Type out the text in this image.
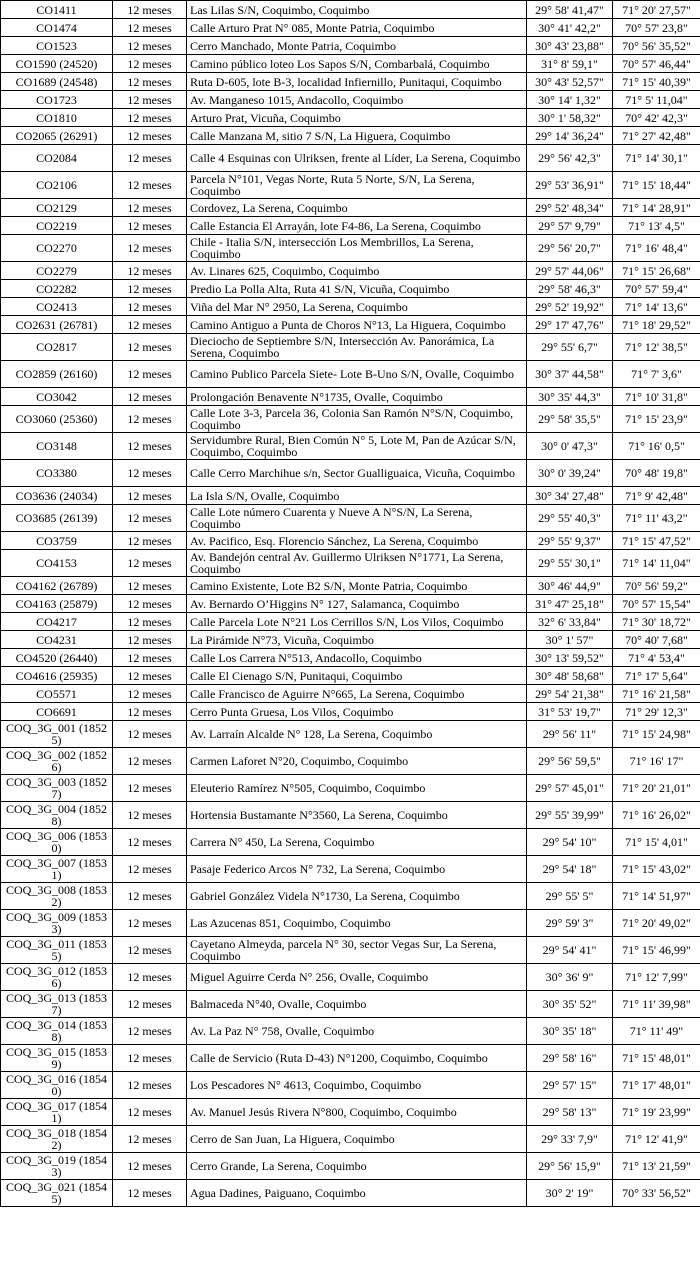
CO1411	12 meses	Las Lilas S/N, Coquimbo, Coquimbo	29° 58' 41,47"	71° 20' 27,57"
CO1474	12 meses	Calle Arturo Prat N° 085, Monte Patria, Coquimbo	30° 41' 42,2"	70° 57' 23,8"
CO1523	12 meses	Cerro Manchado, Monte Patria, Coquimbo	30° 43' 23,88"	70° 56' 35,52"
CO1590 (24520)	12 meses	Camino público loteo Los Sapos S/N, Combarbalá, Coquimbo	31° 8' 59,1"	70° 57' 46,44"
CO1689 (24548)	12 meses	Ruta D-605, lote B-3, localidad Infiernillo, Punitaqui, Coquimbo	30° 43' 52,57"	71° 15' 40,39"
CO1723	12 meses	Av. Manganeso 1015, Andacollo, Coquimbo	30° 14' 1,32"	71° 5' 11,04"
CO1810	12 meses	Arturo Prat, Vicuña, Coquimbo	30° 1' 58,32"	70° 42' 42,3"
CO2065 (26291)	12 meses	Calle Manzana M, sitio 7 S/N, La Higuera, Coquimbo	29° 14' 36,24"	71° 27' 42,48"
CO2084	12 meses	Calle 4 Esquinas con Ulriksen, frente al Líder, La Serena, Coquimbo	29° 56' 42,3"	71° 14' 30,1"
CO2106	12 meses	Parcela N°101, Vegas Norte, Ruta 5 Norte, S/N, La Serena, Coquimbo	29° 53' 36,91"	71° 15' 18,44"
CO2129	12 meses	Cordovez, La Serena, Coquimbo	29° 52' 48,34"	71° 14' 28,91"
CO2219	12 meses	Calle Estancia El Arrayán, lote F4-86, La Serena, Coquimbo	29° 57' 9,79"	71° 13' 4,5"
CO2270	12 meses	Chile - Italia S/N, intersección Los Membrillos, La Serena, Coquimbo	29° 56' 20,7"	71° 16' 48,4"
CO2279	12 meses	Av. Linares 625, Coquimbo, Coquimbo	29° 57' 44,06"	71° 15' 26,68"
CO2282	12 meses	Predio La Polla Alta, Ruta 41 S/N, Vicuña, Coquimbo	29° 58' 46,3"	70° 57' 59,4"
CO2413	12 meses	Viña del Mar N° 2950, La Serena, Coquimbo	29° 52' 19,92"	71° 14' 13,6"
CO2631 (26781)	12 meses	Camino Antiguo a Punta de Choros N°13, La Higuera, Coquimbo	29° 17' 47,76"	71° 18' 29,52"
CO2817	12 meses	Dieciocho de Septiembre S/N, Intersección Av. Panorámica, La Serena, Coquimbo	29° 55' 6,7"	71° 12' 38,5"
CO2859 (26160)	12 meses	Camino Publico Parcela Siete- Lote B-Uno S/N, Ovalle, Coquimbo	30° 37' 44,58"	71° 7' 3,6"
CO3042	12 meses	Prolongación Benavente N°1735, Ovalle, Coquimbo	30° 35' 44,3"	71° 10' 31,8"
CO3060 (25360)	12 meses	Calle Lote 3-3, Parcela 36, Colonia San Ramón N°S/N, Coquimbo, Coquimbo	29° 58' 35,5"	71° 15' 23,9"
CO3148	12 meses	Servidumbre Rural, Bien Común N° 5, Lote M, Pan de Azúcar S/N, Coquimbo, Coquimbo	30° 0' 47,3"	71° 16' 0,5"
CO3380	12 meses	Calle Cerro Marchihue s/n, Sector Gualliguaica, Vicuña, Coquimbo	30° 0' 39,24"	70° 48' 19,8"
CO3636 (24034)	12 meses	La Isla S/N, Ovalle, Coquimbo	30° 34' 27,48"	71° 9' 42,48"
CO3685 (26139)	12 meses	Calle Lote número Cuarenta y Nueve A N°S/N, La Serena, Coquimbo	29° 55' 40,3"	71° 11' 43,2"
CO3759	12 meses	Av. Pacifico, Esq. Florencio Sánchez, La Serena, Coquimbo	29° 55' 9,37"	71° 15' 47,52"
CO4153	12 meses	Av. Bandejón central Av. Guillermo Ulriksen N°1771, La Serena, Coquimbo	29° 55' 30,1"	71° 14' 11,04"
CO4162 (26789)	12 meses	Camino Existente, Lote B2 S/N, Monte Patria, Coquimbo	30° 46' 44,9"	70° 56' 59,2"
CO4163 (25879)	12 meses	Av. Bernardo O’Higgins N° 127, Salamanca, Coquimbo	31° 47' 25,18"	70° 57' 15,54"
CO4217	12 meses	Calle Parcela Lote N°21 Los Cerrillos S/N, Los Vilos, Coquimbo	32° 6' 33,84"	71° 30' 18,72"
CO4231	12 meses	La Pirámide N°73, Vicuña, Coquimbo	30° 1' 57"	70° 40' 7,68"
CO4520 (26440)	12 meses	Calle Los Carrera N°513, Andacollo, Coquimbo	30° 13' 59,52"	71° 4' 53,4"
CO4616 (25935)	12 meses	Calle El Cienago S/N, Punitaqui, Coquimbo	30° 48' 58,68"	71° 17' 5,64"
CO5571	12 meses	Calle Francisco de Aguirre N°665, La Serena, Coquimbo	29° 54' 21,38"	71° 16' 21,58"
CO6691	12 meses	Cerro Punta Gruesa, Los Vilos, Coquimbo	31° 53' 19,7"	71° 29' 12,3"
COQ_3G_001 (18525)	12 meses	Av. Larraín Alcalde N° 128, La Serena, Coquimbo	29° 56' 11"	71° 15' 24,98"
COQ_3G_002 (18526)	12 meses	Carmen Laforet N°20, Coquimbo, Coquimbo	29° 56' 59,5"	71° 16' 17"
COQ_3G_003 (18527)	12 meses	Eleuterio Ramírez N°505, Coquimbo, Coquimbo	29° 57' 45,01"	71° 20' 21,01"
COQ_3G_004 (18528)	12 meses	Hortensia Bustamante N°3560, La Serena, Coquimbo	29° 55' 39,99"	71° 16' 26,02"
COQ_3G_006 (18530)	12 meses	Carrera N° 450, La Serena, Coquimbo	29° 54' 10"	71° 15' 4,01"
COQ_3G_007 (18531)	12 meses	Pasaje Federico Arcos N° 732, La Serena, Coquimbo	29° 54' 18"	71° 15' 43,02"
COQ_3G_008 (18532)	12 meses	Gabriel González Videla N°1730, La Serena, Coquimbo	29° 55' 5"	71° 14' 51,97"
COQ_3G_009 (18533)	12 meses	Las Azucenas 851, Coquimbo, Coquimbo	29° 59' 3"	71° 20' 49,02"
COQ_3G_011 (18535)	12 meses	Cayetano Almeyda, parcela N° 30, sector Vegas Sur, La Serena, Coquimbo	29° 54' 41"	71° 15' 46,99"
COQ_3G_012 (18536)	12 meses	Miguel Aguirre Cerda N° 256, Ovalle, Coquimbo	30° 36' 9"	71° 12' 7,99"
COQ_3G_013 (18537)	12 meses	Balmaceda N°40, Ovalle, Coquimbo	30° 35' 52"	71° 11' 39,98"
COQ_3G_014 (18538)	12 meses	Av. La Paz N° 758, Ovalle, Coquimbo	30° 35' 18"	71° 11' 49"
COQ_3G_015 (18539)	12 meses	Calle de Servicio (Ruta D-43) N°1200, Coquimbo, Coquimbo	29° 58' 16"	71° 15' 48,01"
COQ_3G_016 (18540)	12 meses	Los Pescadores N° 4613, Coquimbo, Coquimbo	29° 57' 15"	71° 17' 48,01"
COQ_3G_017 (18541)	12 meses	Av. Manuel Jesús Rivera N°800, Coquimbo, Coquimbo	29° 58' 13"	71° 19' 23,99"
COQ_3G_018 (18542)	12 meses	Cerro de San Juan, La Higuera, Coquimbo	29° 33' 7,9"	71° 12' 41,9"
COQ_3G_019 (18543)	12 meses	Cerro Grande, La Serena, Coquimbo	29° 56' 15,9"	71° 13' 21,59"
COQ_3G_021 (18545)	12 meses	Agua Dadines, Paiguano, Coquimbo	30° 2' 19"	70° 33' 56,52"
